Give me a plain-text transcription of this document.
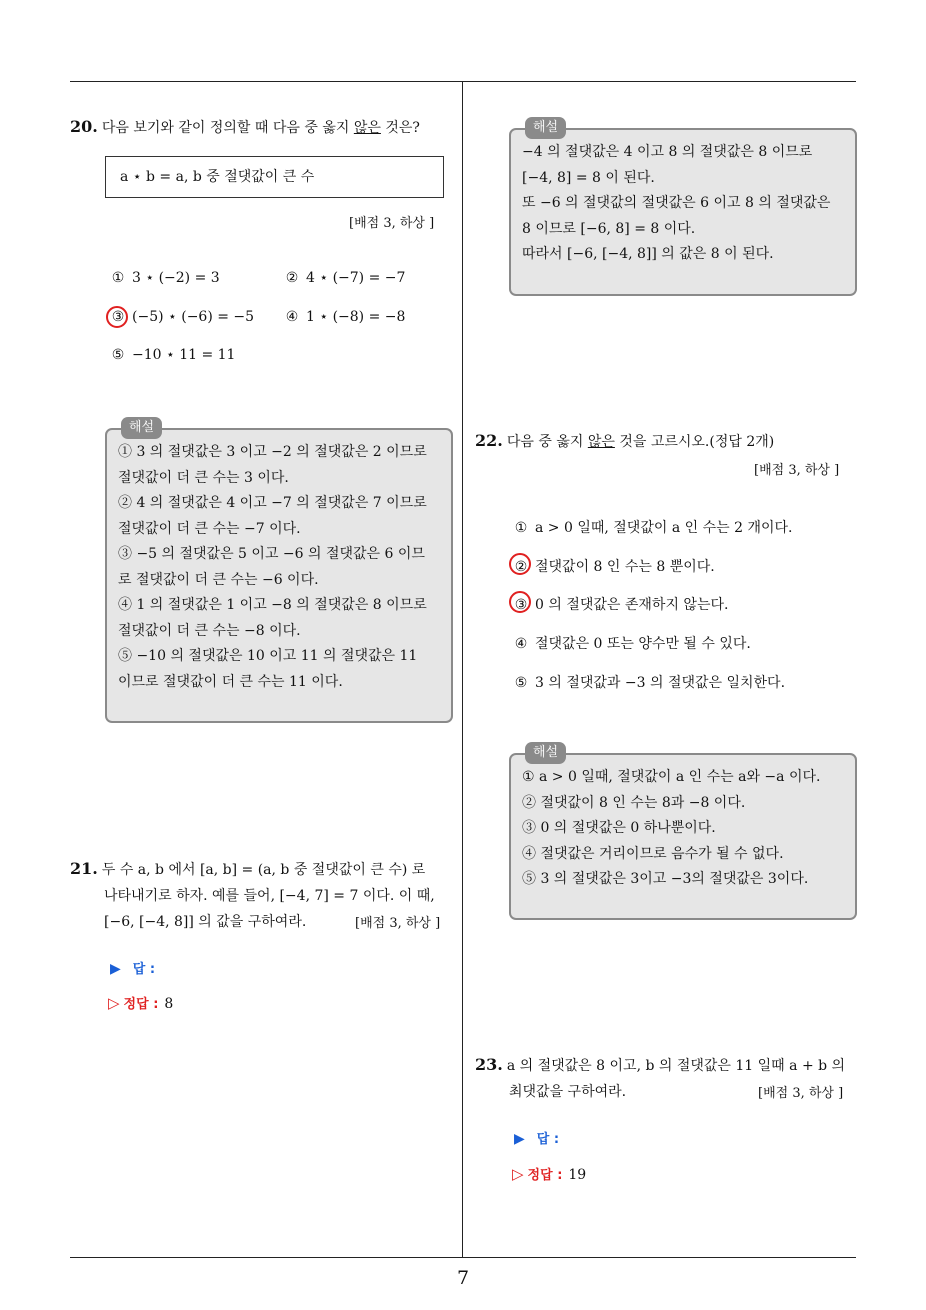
7
20. 다음 보기와 같이 정의할 때 다음 중 옳지 않은 것은?
a ⋆ b = a, b 중 절댓값이 큰 수
[배점 3, 하상 ]
① 3 ⋆ (−2) = 3	② 4 ⋆ (−7) = −7
③ (−5) ⋆ (−6) = −5 ④ 1 ⋆ (−8) = −8
⑤ −10 ⋆ 11 = 11
해설
① 3 의 절댓값은 3 이고 −2 의 절댓값은 2 이므로
절댓값이 더 큰 수는 3 이다.
② 4 의 절댓값은 4 이고 −7 의 절댓값은 7 이므로
절댓값이 더 큰 수는 −7 이다.
③ −5 의 절댓값은 5 이고 −6 의 절댓값은 6 이므
로 절댓값이 더 큰 수는 −6 이다.
④ 1 의 절댓값은 1 이고 −8 의 절댓값은 8 이므로
절댓값이 더 큰 수는 −8 이다.
⑤ −10 의 절댓값은 10 이고 11 의 절댓값은 11
이므로 절댓값이 더 큰 수는 11 이다.
21. 두 수 a, b 에서 [a, b] = (a, b 중 절댓값이 큰 수) 로
나타내기로 하자. 예를 들어, [−4, 7] = 7 이다. 이 때,
[−6, [−4, 8]] 의 값을 구하여라.	[배점 3, 하상 ]
▶ 답 :
▷ 정답 : 8
해설
−4 의 절댓값은 4 이고 8 의 절댓값은 8 이므로
[−4, 8] = 8 이 된다.
또 −6 의 절댓값의 절댓값은 6 이고 8 의 절댓값은
8 이므로 [−6, 8] = 8 이다.
따라서 [−6, [−4, 8]] 의 값은 8 이 된다.
22. 다음 중 옳지 않은 것을 고르시오.(정답 2개)
[배점 3, 하상 ]
① a > 0 일때, 절댓값이 a 인 수는 2 개이다.
② 절댓값이 8 인 수는 8 뿐이다.
③ 0 의 절댓값은 존재하지 않는다.
④ 절댓값은 0 또는 양수만 될 수 있다.
⑤ 3 의 절댓값과 −3 의 절댓값은 일치한다.
해설
① a > 0 일때, 절댓값이 a 인 수는 a와 −a 이다.
② 절댓값이 8 인 수는 8과 −8 이다.
③ 0 의 절댓값은 0 하나뿐이다.
④ 절댓값은 거리이므로 음수가 될 수 없다.
⑤ 3 의 절댓값은 3이고 −3의 절댓값은 3이다.
23. a 의 절댓값은 8 이고, b 의 절댓값은 11 일때 a + b 의
최댓값을 구하여라.	[배점 3, 하상 ]
▶ 답 :
▷ 정답 : 19
